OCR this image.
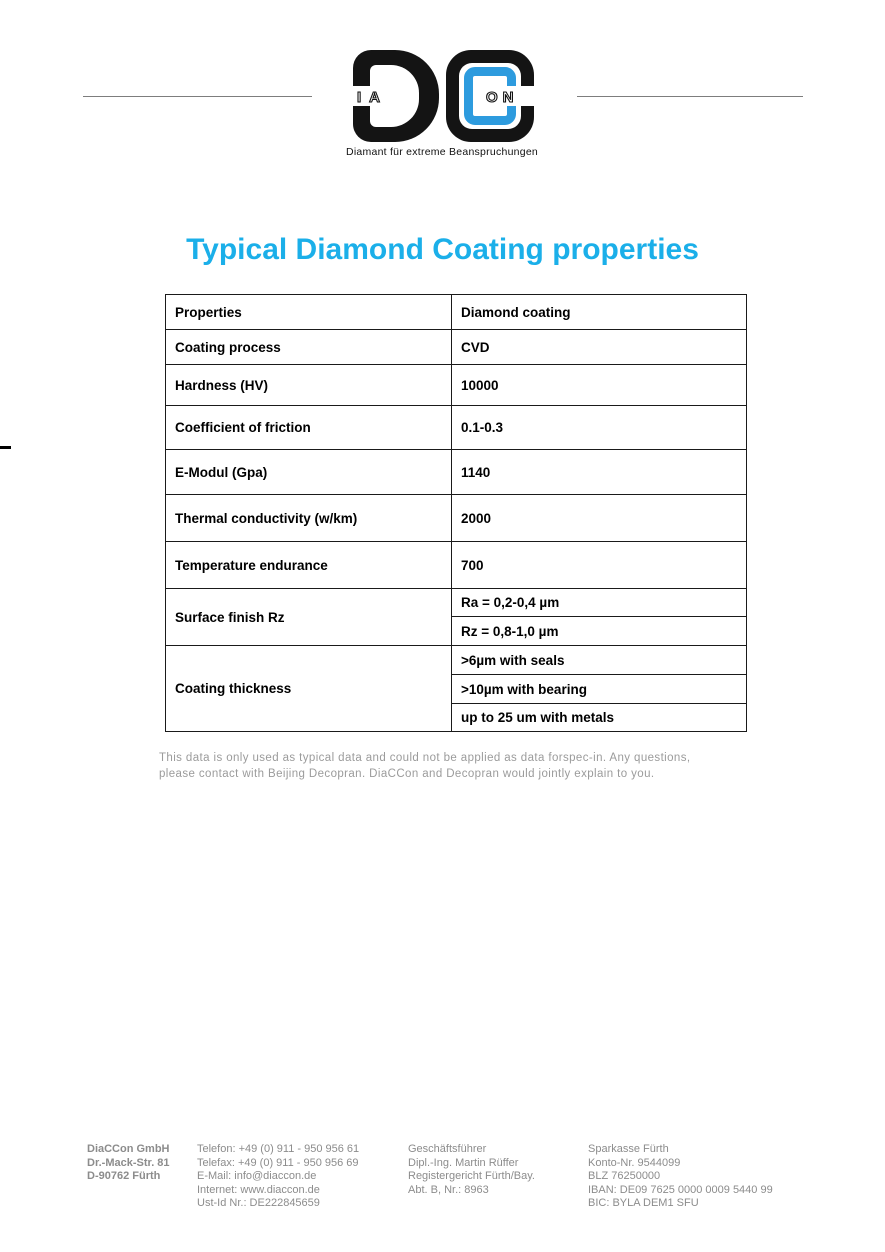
IA	ON
Diamant für extreme Beanspruchungen
Typical Diamond Coating properties
Properties	Diamond coating
Coating process	CVD
Hardness (HV)	10000
Coefficient of friction	0.1-0.3
E-Modul (Gpa)	1140
Thermal conductivity (w/km)	2000
Temperature endurance	700
Surface finish Rz	Ra = 0,2-0,4 µm
	Rz = 0,8-1,0 µm
Coating thickness	>6µm with seals
	>10µm with bearing
	up to 25 um with metals
This data is only used as typical data and could not be applied as data forspec-in. Any questions,
please contact with Beijing Decopran. DiaCCon and Decopran would jointly explain to you.
DiaCCon GmbH
Dr.-Mack-Str. 81
D-90762 Fürth
Telefon: +49 (0) 911 - 950 956 61
Telefax: +49 (0) 911 - 950 956 69
E-Mail: info@diaccon.de
Internet: www.diaccon.de
Ust-Id Nr.: DE222845659
Geschäftsführer
Dipl.-Ing. Martin Rüffer
Registergericht Fürth/Bay.
Abt. B, Nr.: 8963
Sparkasse Fürth
Konto-Nr. 9544099
BLZ 76250000
IBAN: DE09 7625 0000 0009 5440 99
BIC: BYLA DEM1 SFU
